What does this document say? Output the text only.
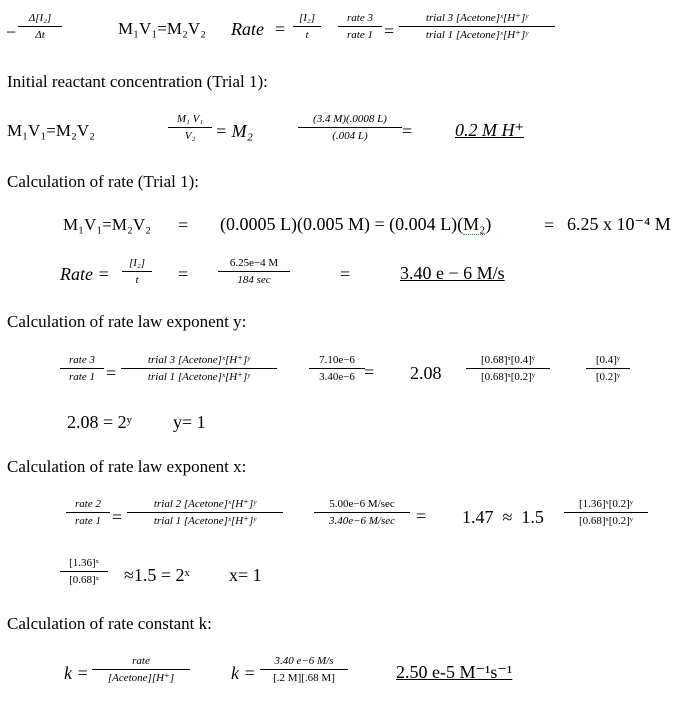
− $\frac{\text{Δ[I₂]}}{\Delta t}$	M₁V₁=M₂V₂ Rate = $\frac{\text{[I₂]}}{t}$	rate 3
rate 1 =
trial 3 [Acetone]ˣ[H⁺]ʸ
trial 1 [Acetone]ˣ[H⁺]ʸ
Initial reactant concentration (Trial 1):
M₁V₁=M₂V₂	$\frac{\text{M₁ V₁}}{\text{V₂}} = M_2$	$\frac{(3.4 M)(.0008 L)}{(.004 L)} = 0.2$ M H⁺
Calculation of rate (Trial 1):
M₁V₁=M₂V₂ = (0.0005 L)(0.005 M) = (0.004 L)(M₂)	= 6.25 x 10⁻⁴ M
Rate = $\frac{\text{[I₂]}}{t}$ =
6.25e−4 M
184 sec	=	3.40 e − 6 M/s
Calculation of rate law exponent y:
rate 3
rate 1 =
trial 3 [Acetone]ˣ[H⁺]ʸ
trial 1 [Acetone]ˣ[H⁺]ʸ	$\frac{7.10e-6}{3.40e-6} = 2.08 \frac{\text{[0.68]ˣ[0.4]ʸ}}{\text{[0.68]ˣ[0.2]ʸ}}$	$\frac{\text{[0.4]ʸ}}{\text{[0.2]ʸ}}$
2.08 = 2ʸ y= 1
Calculation of rate law exponent x:
rate 2
rate 1 =
trial 2 [Acetone]ˣ[H⁺]ʸ
trial 1 [Acetone]ˣ[H⁺]ʸ
5.00e−6 M/sec
3.40e−6 M/sec	= $1.47 \approx 1.5 \frac{\text{[1.36]ˣ[0.2]ʸ}}{\text{[0.68]ˣ[0.2]ʸ}}$
$\frac{\text{[1.36]ˣ}}{\text{[0.68]ˣ}} \approx 1.5$ = 2ˣ x= 1
Calculation of rate constant k:
k =
rate
[Acetone][H⁺]	$k = \frac{3.40 e-6 M/s}{[.2 M][.68 M]}$	2.50 e-5 M⁻¹s⁻¹
